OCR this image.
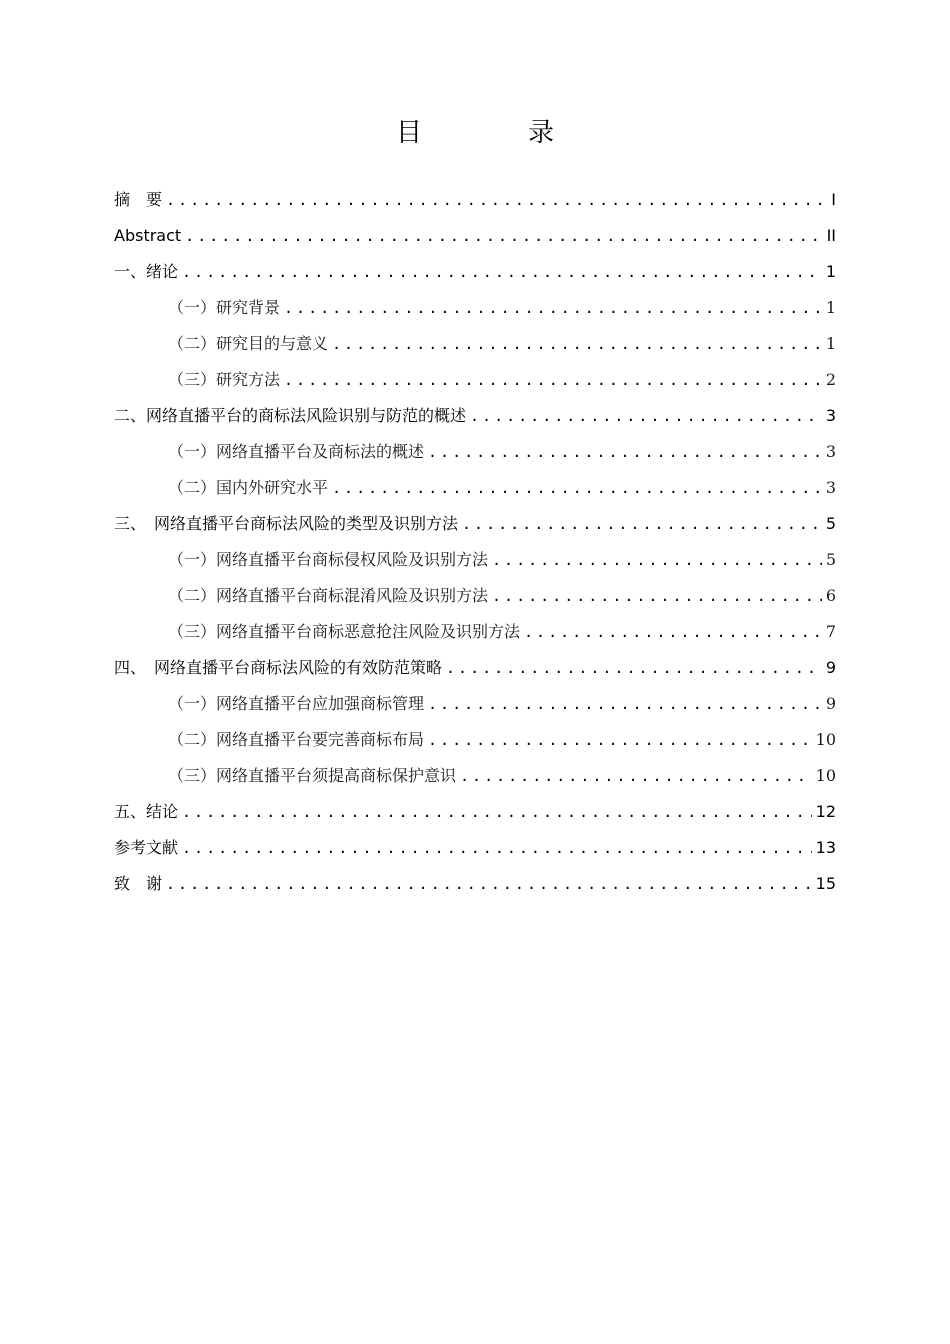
目　录
摘　要 .....	I
Abstract .....	II
一、绪论 .....	1
（一）研究背景 .....	1
（二）研究目的与意义 .....	1
（三）研究方法 .....	2
二、网络直播平台的商标法风险识别与防范的概述 .....	3
（一）网络直播平台及商标法的概述 .....	3
（二）国内外研究水平 .....	3
三、　网络直播平台商标法风险的类型及识别方法 .....	5
（一）网络直播平台商标侵权风险及识别方法 .....	5
（二）网络直播平台商标混淆风险及识别方法 .....	6
（三）网络直播平台商标恶意抢注风险及识别方法 .....	7
四、　网络直播平台商标法风险的有效防范策略 .....	9
（一）网络直播平台应加强商标管理 .....	9
（二）网络直播平台要完善商标布局 .....	10
（三）网络直播平台须提高商标保护意识 .....	10
五、结论 .....	12
参考文献 .....	13
致　谢 .....	15
